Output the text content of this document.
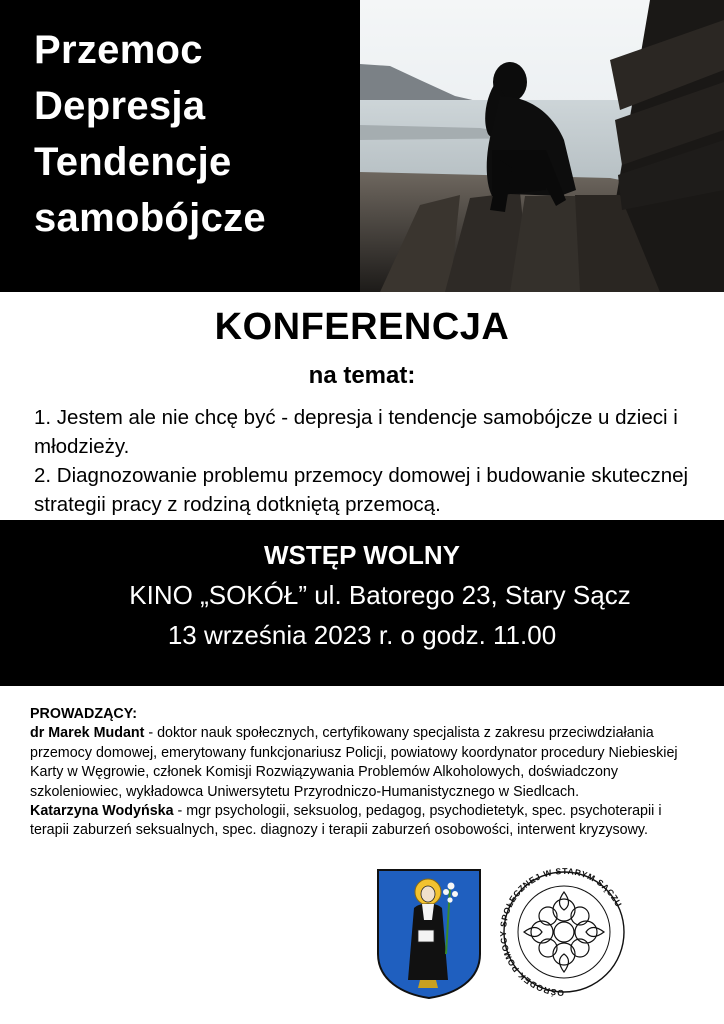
Przemoc
Depresja
Tendencje
samobójcze
KONFERENCJA
na temat:

1. Jestem ale nie chcę być - depresja i tendencje samobójcze u dzieci i młodzieży.

2. Diagnozowanie problemu przemocy domowej i budowanie skutecznej strategii pracy z rodziną dotkniętą przemocą.

WSTĘP WOLNY
KINO „SOKÓŁ” ul. Batorego 23, Stary Sącz
13 września 2023 r. o godz. 11.00
PROWADZĄCY:
dr Marek Mudant - doktor nauk społecznych, certyfikowany specjalista z zakresu przeciwdziałania przemocy domowej, emerytowany funkcjonariusz Policji, powiatowy koordynator procedury Niebieskiej Karty w Węgrowie, członek Komisji Rozwiązywania Problemów Alkoholowych, doświadczony szkoleniowiec, wykładowca Uniwersytetu Przyrodniczo-Humanistycznego w Siedlcach.
Katarzyna Wodyńska - mgr psychologii, seksuolog, pedagog, psychodietetyk, spec. psychoterapii i terapii zaburzeń seksualnych, spec. diagnozy i terapii zaburzeń osobowości, interwent kryzysowy.
OŚRODEK POMOCY SPOŁECZNEJ W STARYM SĄCZU
